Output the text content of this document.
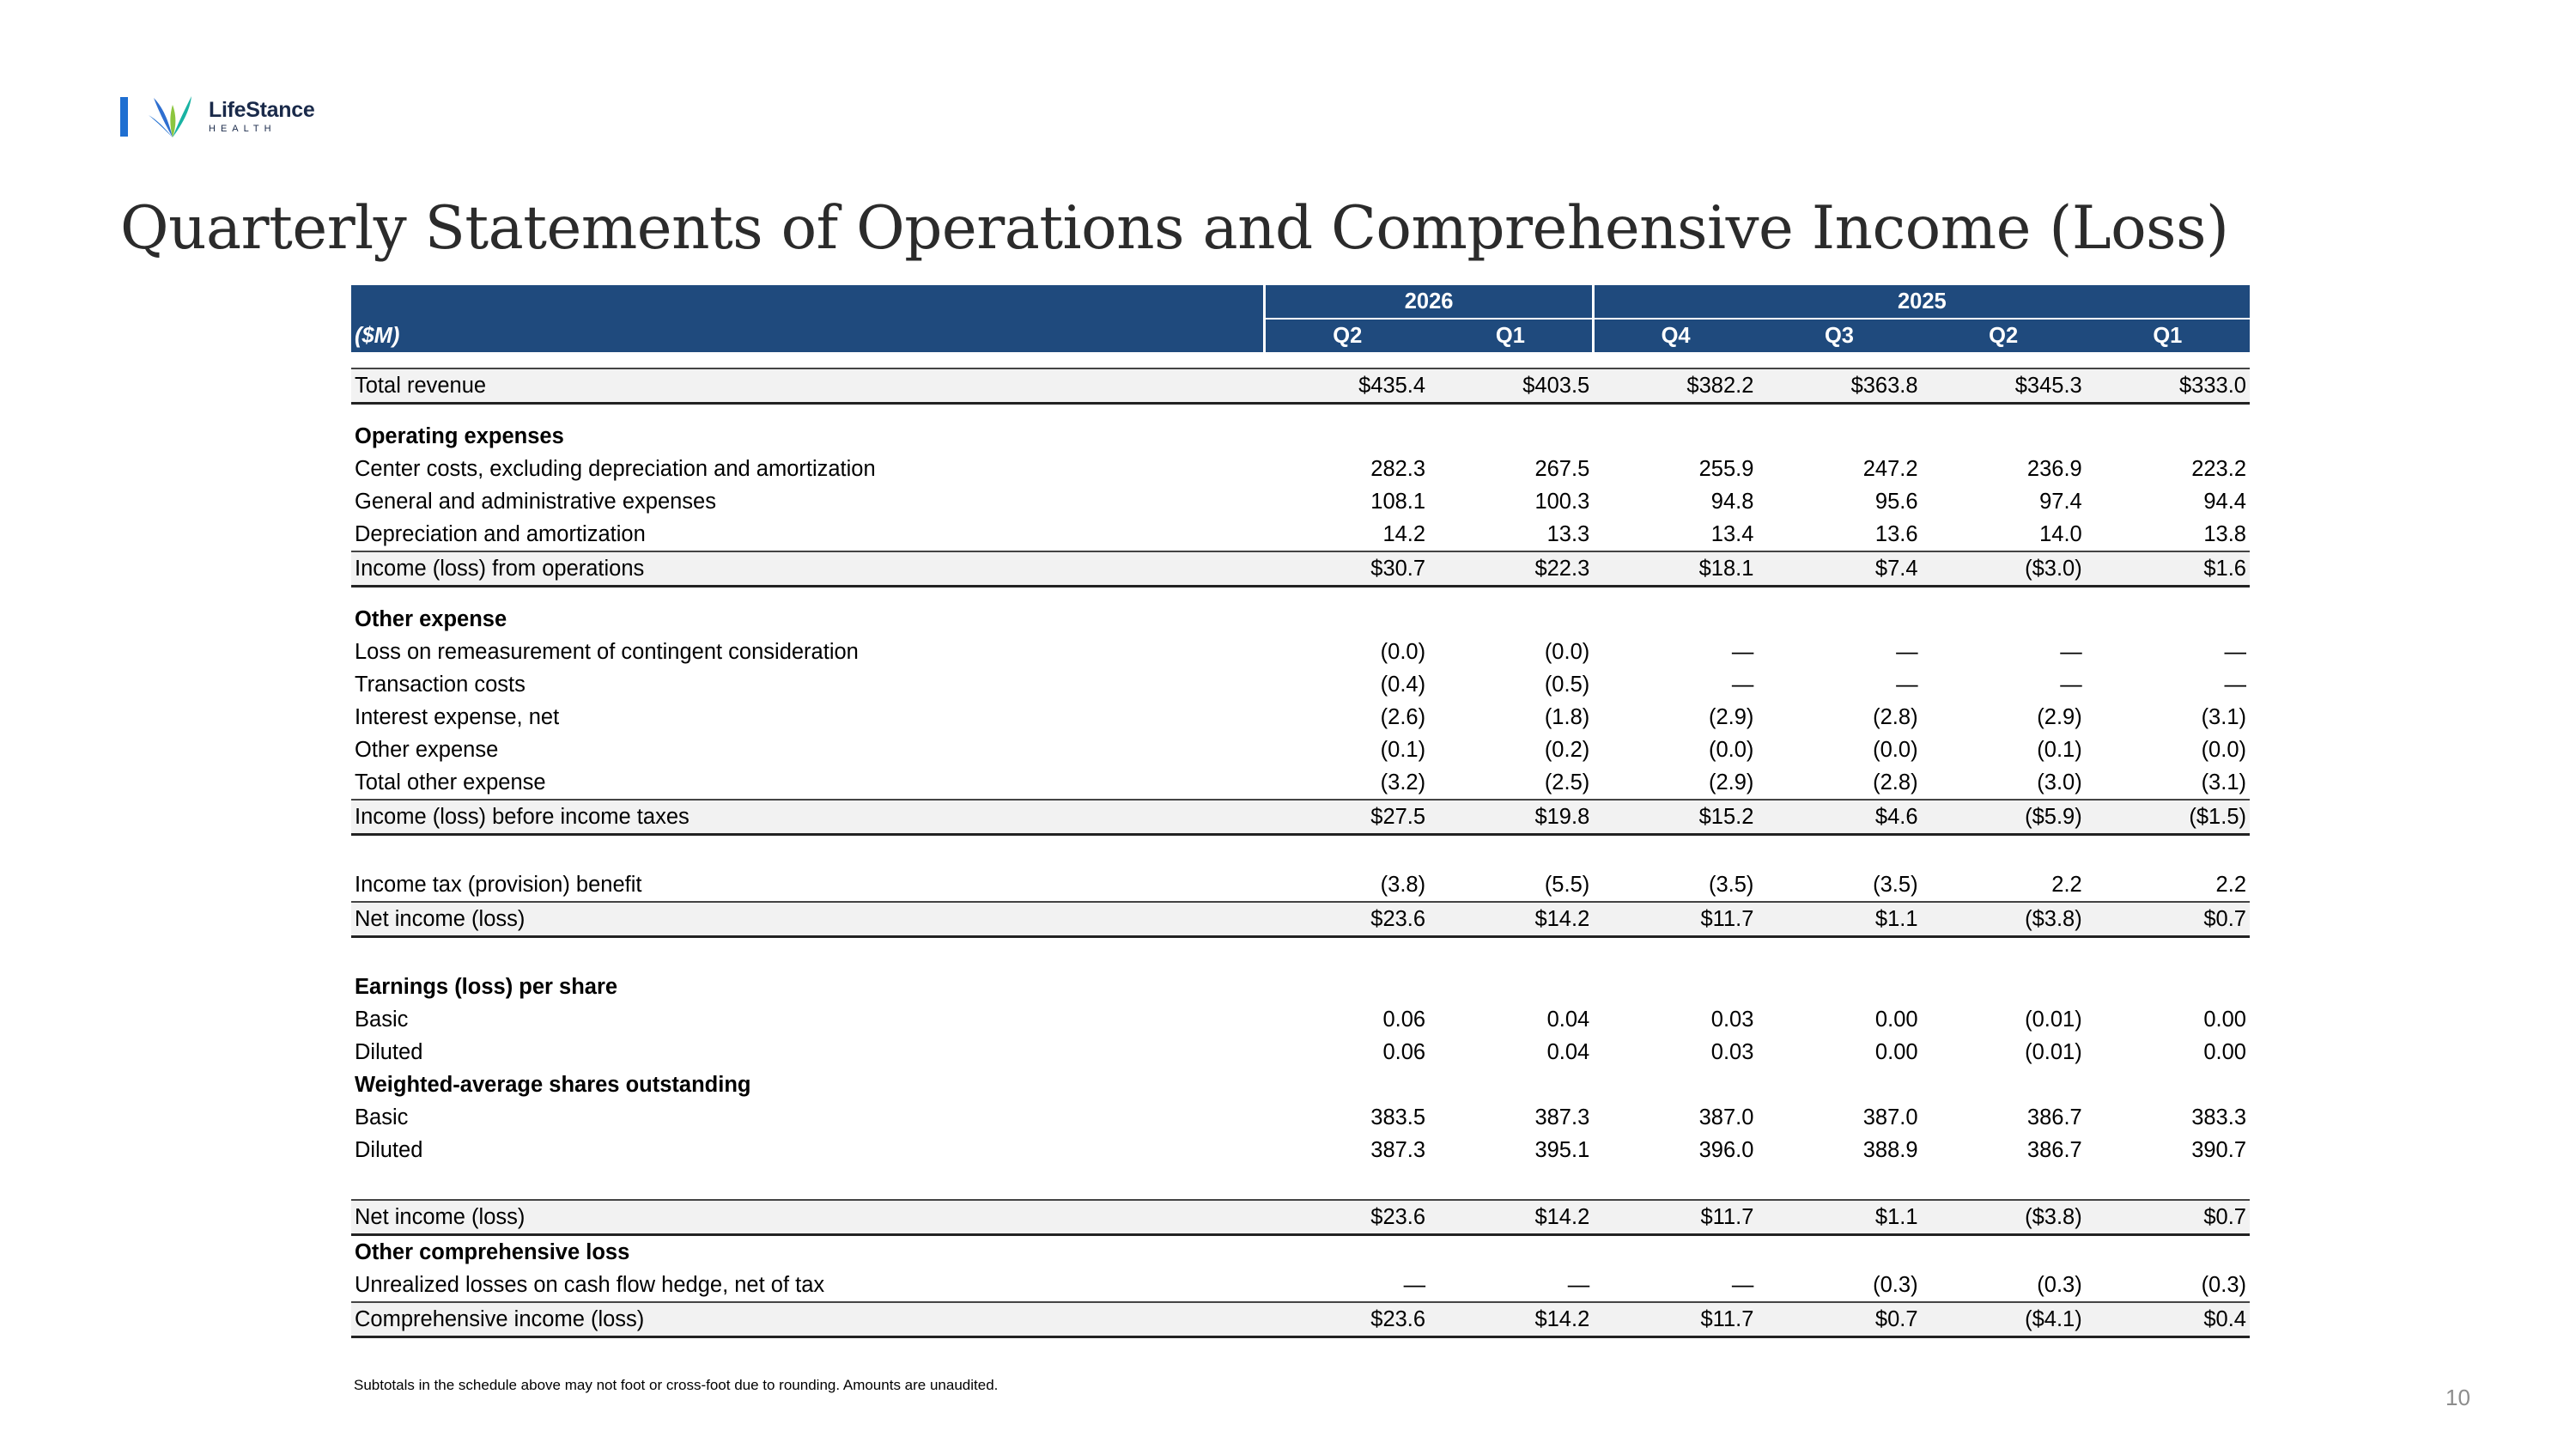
LifeStance
HEALTH
Quarterly Statements of Operations and Comprehensive Income (Loss)
	2026		2025			
($M)	Q2	Q1	Q4	Q3	Q2	Q1

Total revenue	$435.4	$403.5	$382.2	$363.8	$345.3	$333.0

Operating expenses						
Center costs, excluding depreciation and amortization	282.3	267.5	255.9	247.2	236.9	223.2
General and administrative expenses	108.1	100.3	94.8	95.6	97.4	94.4
Depreciation and amortization	14.2	13.3	13.4	13.6	14.0	13.8
Income (loss) from operations	$30.7	$22.3	$18.1	$7.4	($3.0)	$1.6

Other expense						
Loss on remeasurement of contingent consideration	(0.0)	(0.0)	—	—	—	—
Transaction costs	(0.4)	(0.5)	—	—	—	—
Interest expense, net	(2.6)	(1.8)	(2.9)	(2.8)	(2.9)	(3.1)
Other expense	(0.1)	(0.2)	(0.0)	(0.0)	(0.1)	(0.0)
Total other expense	(3.2)	(2.5)	(2.9)	(2.8)	(3.0)	(3.1)
Income (loss) before income taxes	$27.5	$19.8	$15.2	$4.6	($5.9)	($1.5)

Income tax (provision) benefit	(3.8)	(5.5)	(3.5)	(3.5)	2.2	2.2
Net income (loss)	$23.6	$14.2	$11.7	$1.1	($3.8)	$0.7

Earnings (loss) per share						
Basic	0.06	0.04	0.03	0.00	(0.01)	0.00
Diluted	0.06	0.04	0.03	0.00	(0.01)	0.00
Weighted-average shares outstanding						
Basic	383.5	387.3	387.0	387.0	386.7	383.3
Diluted	387.3	395.1	396.0	388.9	386.7	390.7

Net income (loss)	$23.6	$14.2	$11.7	$1.1	($3.8)	$0.7
Other comprehensive loss						
Unrealized losses on cash flow hedge, net of tax	—	—	—	(0.3)	(0.3)	(0.3)
Comprehensive income (loss)	$23.6	$14.2	$11.7	$0.7	($4.1)	$0.4
Subtotals in the schedule above may not foot or cross-foot due to rounding. Amounts are unaudited.	10
